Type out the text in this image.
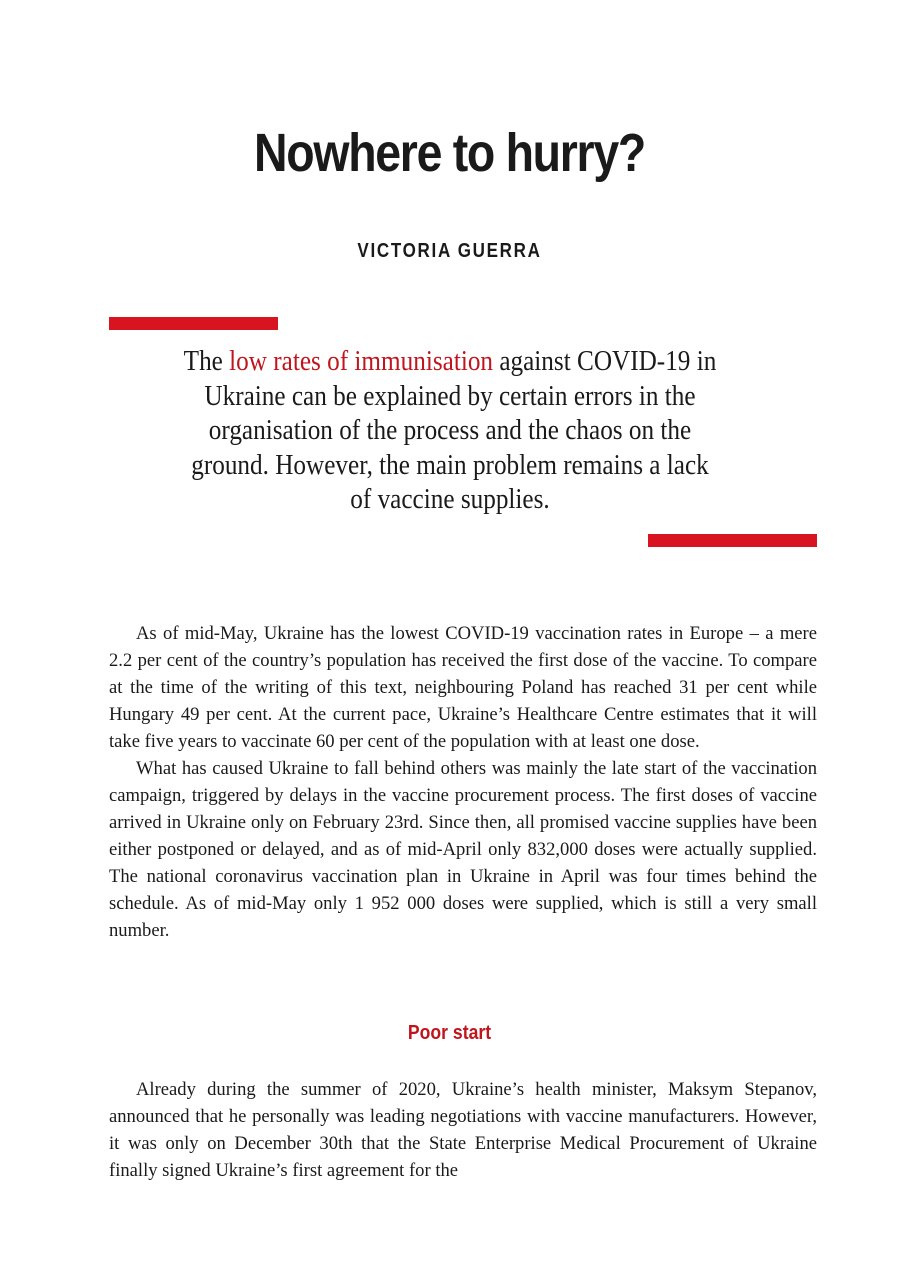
Nowhere to hurry?
VICTORIA GUERRA
The low rates of immunisation against COVID-19 in Ukraine can be explained by certain errors in the organisation of the process and the chaos on the ground. However, the main problem remains a lack of vaccine supplies.

As of mid-May, Ukraine has the lowest COVID-19 vaccination rates in Europe – a mere 2.2 per cent of the country’s population has received the first dose of the vaccine. To compare at the time of the writing of this text, neighbouring Poland has reached 31 per cent while Hungary 49 per cent. At the current pace, Ukraine’s Healthcare Centre estimates that it will take five years to vaccinate 60 per cent of the population with at least one dose.

What has caused Ukraine to fall behind others was mainly the late start of the vaccination campaign, triggered by delays in the vaccine procurement process. The first doses of vaccine arrived in Ukraine only on February 23rd. Since then, all promised vaccine supplies have been either postponed or delayed, and as of mid-April only 832,000 doses were actually supplied. The national coronavirus vaccination plan in Ukraine in April was four times behind the schedule. As of mid-May only 1 952 000 doses were supplied, which is still a very small number.

Poor start

Already during the summer of 2020, Ukraine’s health minister, Maksym Stepanov, announced that he personally was leading negotiations with vaccine manufacturers. However, it was only on December 30th that the State Enterprise Medical Procurement of Ukraine finally signed Ukraine’s first agreement for the
